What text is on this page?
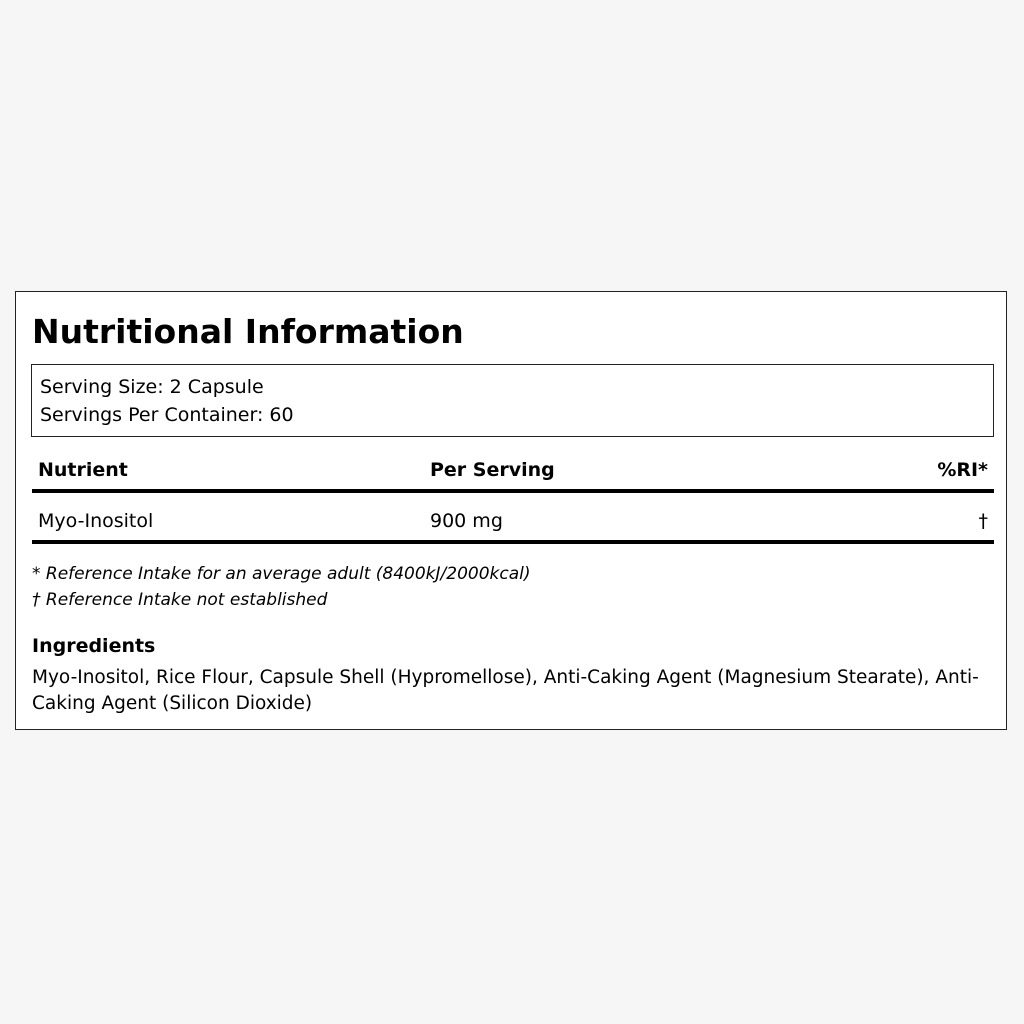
Nutritional Information
Serving Size: 2 Capsule
Servings Per Container: 60
Nutrient	Per Serving	%RI*
Myo-Inositol	900 mg	†
* Reference Intake for an average adult (8400kJ/2000kcal)
† Reference Intake not established
Ingredients

Myo-Inositol, Rice Flour, Capsule Shell (Hypromellose), Anti-Caking Agent (Magnesium Stearate), Anti-Caking Agent (Silicon Dioxide)
